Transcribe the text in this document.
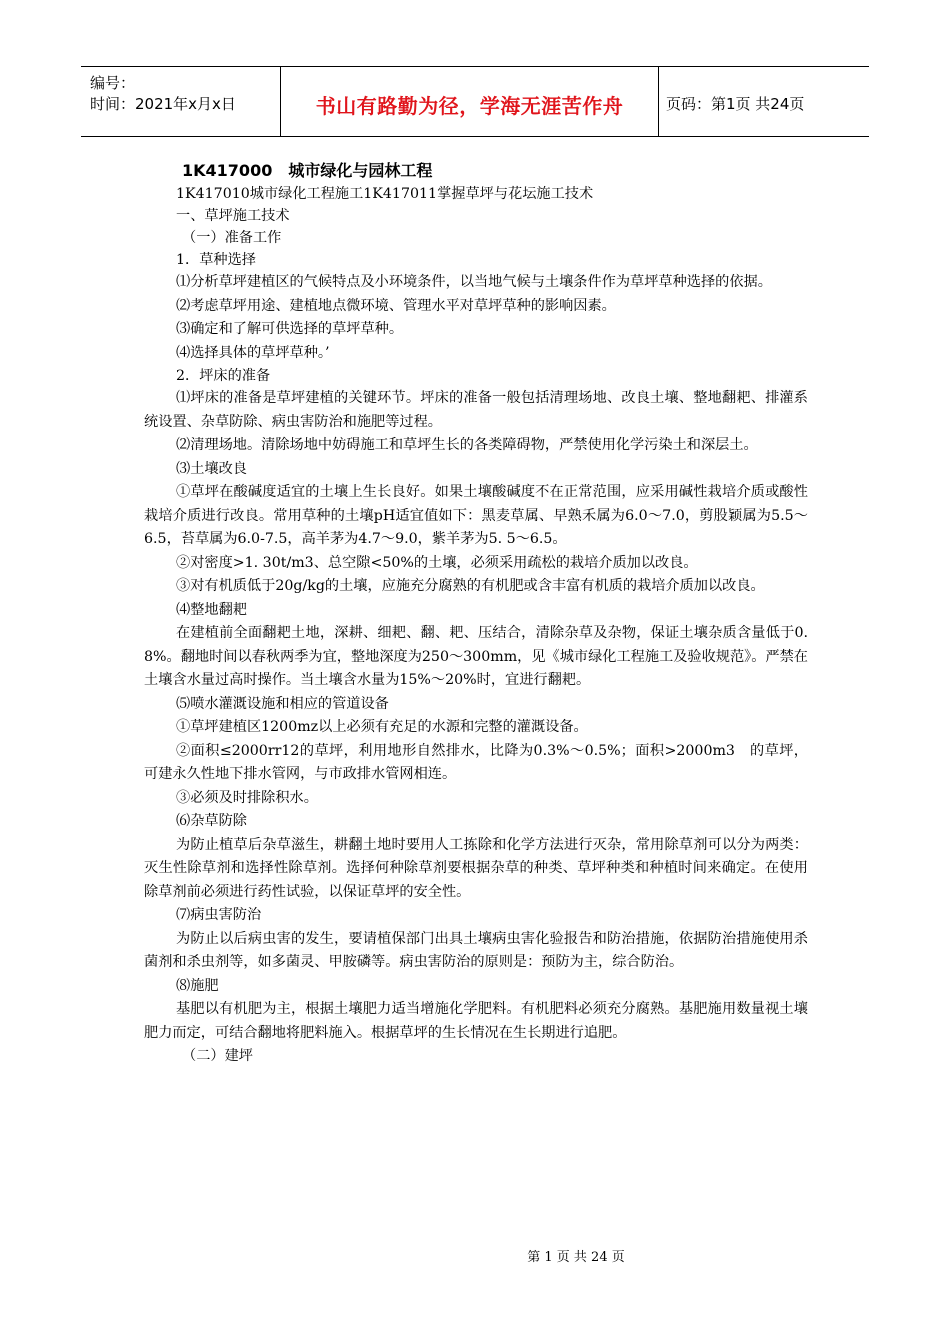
编号：
时间：2021年x月x日	书山有路勤为径，学海无涯苦作舟	页码：第1页 共24页
1K417000　城市绿化与园林工程
1K417010城市绿化工程施工1K417011掌握草坪与花坛施工技术
一、草坪施工技术
（一）准备工作
1．草种选择

⑴分析草坪建植区的气候特点及小环境条件，以当地气候与土壤条件作为草坪草种选择的依据。

⑵考虑草坪用途、建植地点微环境、管理水平对草坪草种的影响因素。

⑶确定和了解可供选择的草坪草种。

⑷选择具体的草坪草种。’

2．坪床的准备

⑴坪床的准备是草坪建植的关键环节。坪床的准备一般包括清理场地、改良土壤、整地翻耙、排灌系统设置、杂草防除、病虫害防治和施肥等过程。

⑵清理场地。清除场地中妨碍施工和草坪生长的各类障碍物，严禁使用化学污染土和深层土。

⑶土壤改良

①草坪在酸碱度适宜的土壤上生长良好。如果土壤酸碱度不在正常范围，应采用碱性栽培介质或酸性栽培介质进行改良。常用草种的土壤pH适宜值如下：黑麦草属、早熟禾属为6.0～7.0，剪股颖属为5.5～6.5，苔草属为6.0-7.5，高羊茅为4.7～9.0，紫羊茅为5. 5～6.5。

②对密度>1. 30t/m3、总空隙<50%的土壤，必须采用疏松的栽培介质加以改良。

③对有机质低于20g/kg的土壤，应施充分腐熟的有机肥或含丰富有机质的栽培介质加以改良。

⑷整地翻耙

在建植前全面翻耙土地，深耕、细耙、翻、耙、压结合，清除杂草及杂物，保证土壤杂质含量低于0. 8%。翻地时间以春秋两季为宜，整地深度为250～300mm，见《城市绿化工程施工及验收规范》。严禁在土壤含水量过高时操作。当土壤含水量为15%～20%时，宜进行翻耙。

⑸喷水灌溉设施和相应的管道设备

①草坪建植区1200mz以上必须有充足的水源和完整的灌溉设备。

②面积≤2000rr12的草坪，利用地形自然排水，比降为0.3%～0.5%；面积>2000m3　的草坪，可建永久性地下排水管网，与市政排水管网相连。

③必须及时排除积水。

⑹杂草防除

为防止植草后杂草滋生，耕翻土地时要用人工拣除和化学方法进行灭杂，常用除草剂可以分为两类：灭生性除草剂和选择性除草剂。选择何种除草剂要根据杂草的种类、草坪种类和种植时间来确定。在使用除草剂前必须进行药性试验，以保证草坪的安全性。

⑺病虫害防治

为防止以后病虫害的发生，要请植保部门出具土壤病虫害化验报告和防治措施，依据防治措施使用杀菌剂和杀虫剂等，如多菌灵、甲胺磷等。病虫害防治的原则是：预防为主，综合防治。

⑻施肥

基肥以有机肥为主，根据土壤肥力适当增施化学肥料。有机肥料必须充分腐熟。基肥施用数量视土壤肥力而定，可结合翻地将肥料施入。根据草坪的生长情况在生长期进行追肥。

（二）建坪
第 1 页 共 24 页
